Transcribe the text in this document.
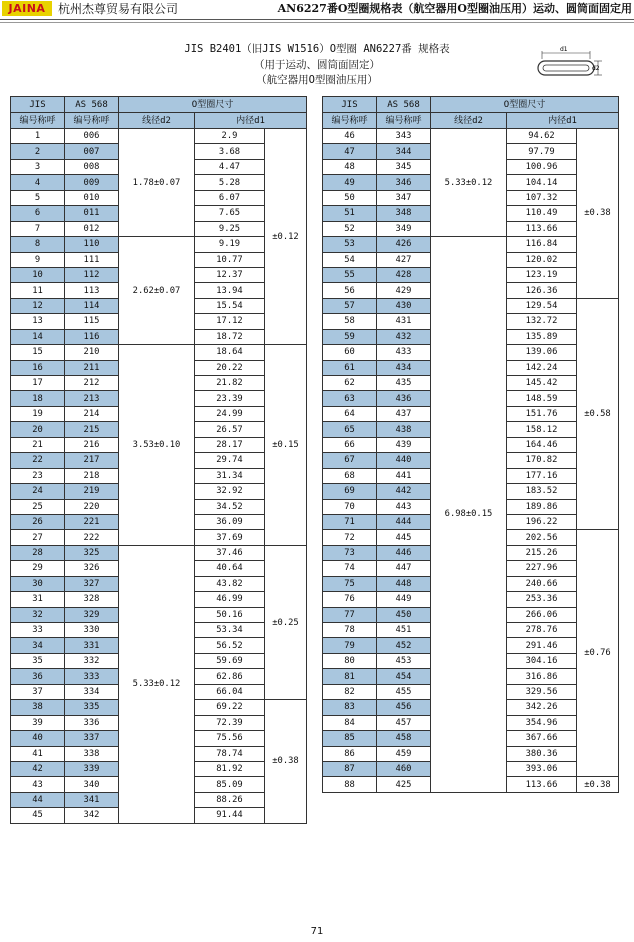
JAINA	杭州杰尊贸易有限公司	AN6227番O型圈规格表（航空器用O型圈油压用）运动、圆筒面固定用
JIS B2401（旧JIS W1516）O型圈 AN6227番 规格表
（用于运动、圆筒面固定）
（航空器用O型圈油压用）
d1
d2
JIS	AS 568	O型圈尺寸		
编号称呼	编号称呼	线径d2	内径d1	
1	006	1.78±0.07	2.9	±0.12
2	007		3.68	
3	008		4.47	
4	009		5.28	
5	010		6.07	
6	011		7.65	
7	012		9.25	
8	110	2.62±0.07	9.19	
9	111		10.77	
10	112		12.37	
11	113		13.94	
12	114		15.54	
13	115		17.12	
14	116		18.72	
15	210	3.53±0.10	18.64	±0.15
16	211		20.22	
17	212		21.82	
18	213		23.39	
19	214		24.99	
20	215		26.57	
21	216		28.17	
22	217		29.74	
23	218		31.34	
24	219		32.92	
25	220		34.52	
26	221		36.09	
27	222		37.69	
28	325	5.33±0.12	37.46	±0.25
29	326		40.64	
30	327		43.82	
31	328		46.99	
32	329		50.16	
33	330		53.34	
34	331		56.52	
35	332		59.69	
36	333		62.86	
37	334		66.04	
38	335		69.22	±0.38
39	336		72.39	
40	337		75.56	
41	338		78.74	
42	339		81.92	
43	340		85.09	
44	341		88.26	
45	342		91.44	
JIS	AS 568	O型圈尺寸		
编号称呼	编号称呼	线径d2	内径d1	
46	343	5.33±0.12	94.62	±0.38
47	344		97.79	
48	345		100.96	
49	346		104.14	
50	347		107.32	
51	348		110.49	
52	349		113.66	
53	426	6.98±0.15	116.84	
54	427		120.02	
55	428		123.19	
56	429		126.36	
57	430		129.54	±0.58
58	431		132.72	
59	432		135.89	
60	433		139.06	
61	434		142.24	
62	435		145.42	
63	436		148.59	
64	437		151.76	
65	438		158.12	
66	439		164.46	
67	440		170.82	
68	441		177.16	
69	442		183.52	
70	443		189.86	
71	444		196.22	
72	445		202.56	±0.76
73	446		215.26	
74	447		227.96	
75	448		240.66	
76	449		253.36	
77	450		266.06	
78	451		278.76	
79	452		291.46	
80	453		304.16	
81	454		316.86	
82	455		329.56	
83	456		342.26	
84	457		354.96	
85	458		367.66	
86	459		380.36	
87	460		393.06	
88	425		113.66	±0.38
71
